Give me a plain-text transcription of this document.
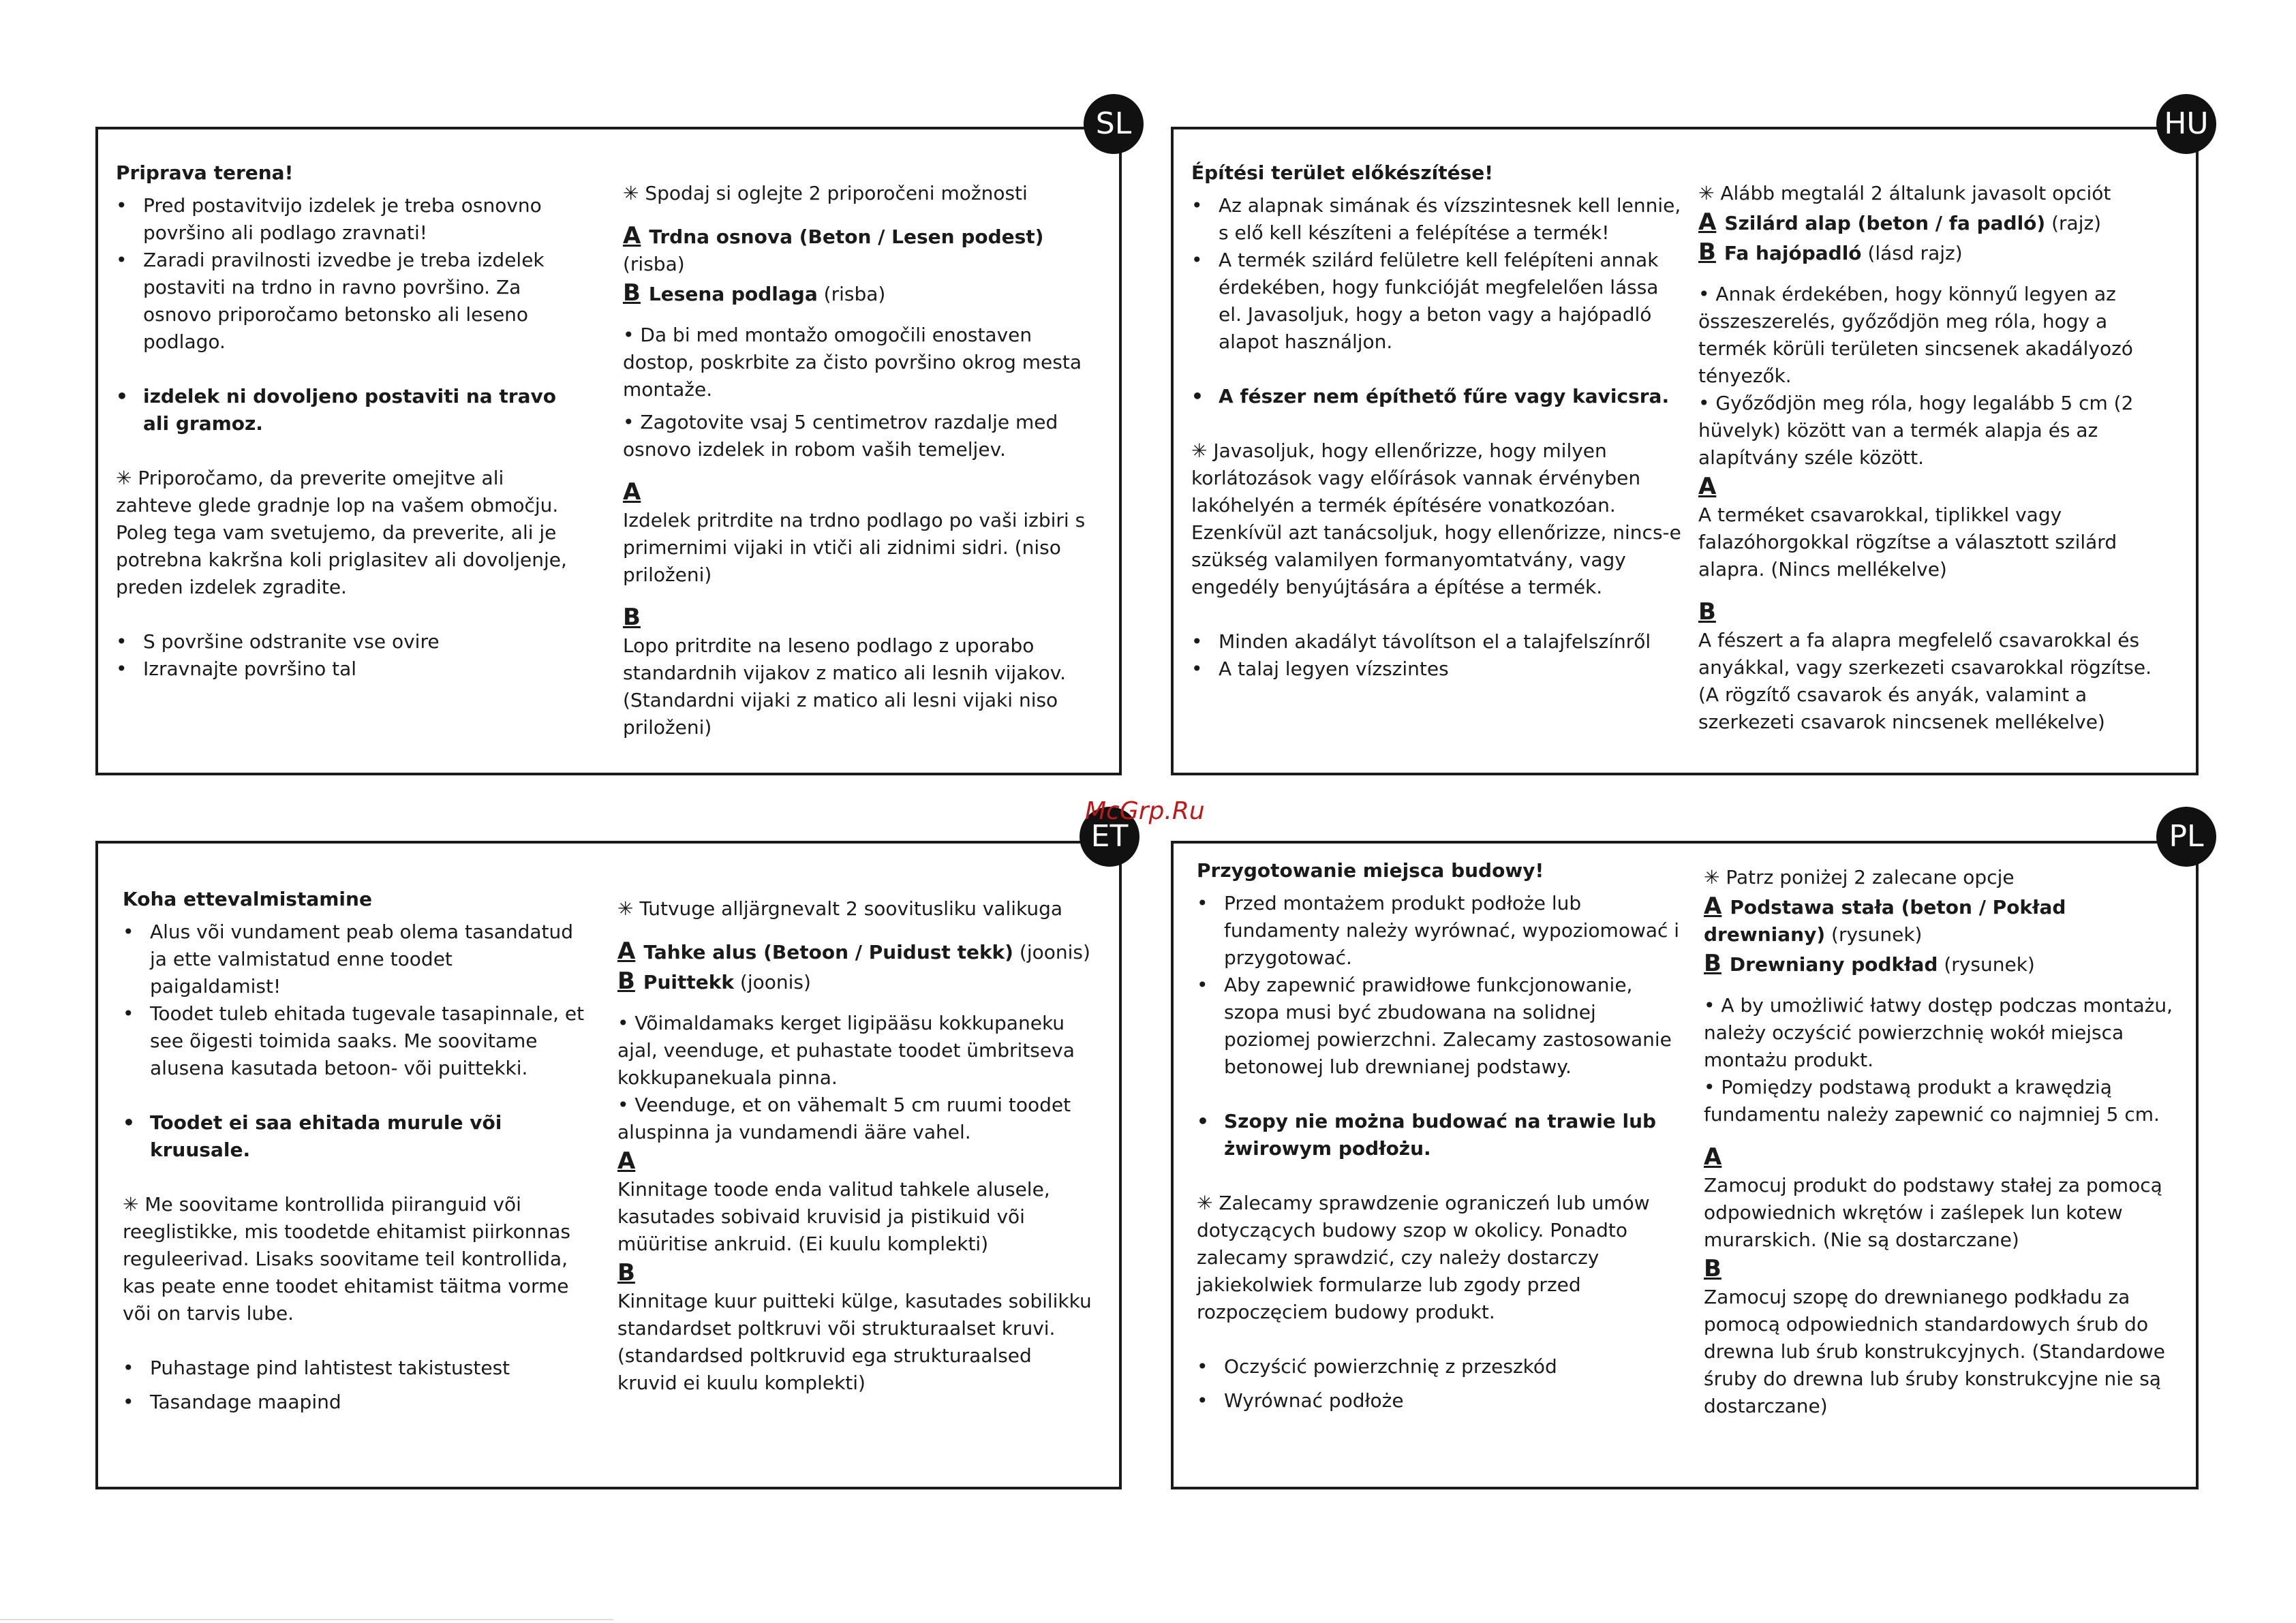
Priprava terena!

• Pred postavitvijo izdelek je treba osnovno površino ali podlago zravnati!

• Zaradi pravilnosti izvedbe je treba izdelek postaviti na trdno in ravno površino. Za osnovo priporočamo betonsko ali leseno podlago.

• izdelek ni dovoljeno postaviti na travo ali gramoz.

✳ Priporočamo, da preverite omejitve ali zahteve glede gradnje lop na vašem območju. Poleg tega vam svetujemo, da preverite, ali je potrebna kakršna koli priglasitev ali dovoljenje, preden izdelek zgradite.

• S površine odstranite vse ovire

• Izravnajte površino tal

✳ Spodaj si oglejte 2 priporočeni možnosti

A Trdna osnova (Beton / Lesen podest) (risba)

B Lesena podlaga (risba)

• Da bi med montažo omogočili enostaven dostop, poskrbite za čisto površino okrog mesta montaže.

• Zagotovite vsaj 5 centimetrov razdalje med osnovo izdelek in robom vaših temeljev.

A

Izdelek pritrdite na trdno podlago po vaši izbiri s primernimi vijaki in vtiči ali zidnimi sidri. (niso priloženi)

B

Lopo pritrdite na leseno podlago z uporabo standardnih vijakov z matico ali lesnih vijakov. (Standardni vijaki z matico ali lesni vijaki niso priloženi)

SL

Építési terület előkészítése!

• Az alapnak simának és vízszintesnek kell lennie, s elő kell készíteni a felépítése a termék!

• A termék szilárd felületre kell felépíteni annak érdekében, hogy funkcióját megfelelően lássa el. Javasoljuk, hogy a beton vagy a hajópadló alapot használjon.

• A fészer nem építhető fűre vagy kavicsra.

✳ Javasoljuk, hogy ellenőrizze, hogy milyen korlátozások vagy előírások vannak érvényben lakóhelyén a termék építésére vonatkozóan. Ezenkívül azt tanácsoljuk, hogy ellenőrizze, nincs-e szükség valamilyen formanyomtatvány, vagy engedély benyújtására a építése a termék.

• Minden akadályt távolítson el a talajfelszínről

• A talaj legyen vízszintes

✳ Alább megtalál 2 általunk javasolt opciót

A Szilárd alap (beton / fa padló) (rajz)

B Fa hajópadló (lásd rajz)

• Annak érdekében, hogy könnyű legyen az összeszerelés, győződjön meg róla, hogy a termék körüli területen sincsenek akadályozó tényezők.

• Győződjön meg róla, hogy legalább 5 cm (2 hüvelyk) között van a termék alapja és az alapítvány széle között.

A

A terméket csavarokkal, tiplikkel vagy falazóhorgokkal rögzítse a választott szilárd alapra. (Nincs mellékelve)

B

A fészert a fa alapra megfelelő csavarokkal és anyákkal, vagy szerkezeti csavarokkal rögzítse. (A rögzítő csavarok és anyák, valamint a szerkezeti csavarok nincsenek mellékelve)

HU

Koha ettevalmistamine

• Alus või vundament peab olema tasandatud ja ette valmistatud enne toodet paigaldamist!

• Toodet tuleb ehitada tugevale tasapinnale, et see õigesti toimida saaks. Me soovitame alusena kasutada betoon- või puittekki.

• Toodet ei saa ehitada murule või kruusale.

✳ Me soovitame kontrollida piiranguid või reeglistikke, mis toodetde ehitamist piirkonnas reguleerivad. Lisaks soovitame teil kontrollida, kas peate enne toodet ehitamist täitma vorme või on tarvis lube.

• Puhastage pind lahtistest takistustest

• Tasandage maapind

✳ Tutvuge alljärgnevalt 2 soovitusliku valikuga

A Tahke alus (Betoon / Puidust tekk) (joonis)

B Puittekk (joonis)

• Võimaldamaks kerget ligipääsu kokkupaneku ajal, veenduge, et puhastate toodet ümbritseva kokkupanekuala pinna.

• Veenduge, et on vähemalt 5 cm ruumi toodet aluspinna ja vundamendi ääre vahel.

A

Kinnitage toode enda valitud tahkele alusele, kasutades sobivaid kruvisid ja pistikuid või müüritise ankruid. (Ei kuulu komplekti)

B

Kinnitage kuur puitteki külge, kasutades sobilikku standardset poltkruvi või strukturaalset kruvi. (standardsed poltkruvid ega strukturaalsed kruvid ei kuulu komplekti)

ET

Przygotowanie miejsca budowy!

• Przed montażem produkt podłoże lub fundamenty należy wyrównać, wypoziomować i przygotować.

• Aby zapewnić prawidłowe funkcjonowanie, szopa musi być zbudowana na solidnej poziomej powierzchni. Zalecamy zastosowanie betonowej lub drewnianej podstawy.

• Szopy nie można budować na trawie lub żwirowym podłożu.

✳ Zalecamy sprawdzenie ograniczeń lub umów dotyczących budowy szop w okolicy. Ponadto zalecamy sprawdzić, czy należy dostarczy jakiekolwiek formularze lub zgody przed rozpoczęciem budowy produkt.

• Oczyścić powierzchnię z przeszkód

• Wyrównać podłoże

✳ Patrz poniżej 2 zalecane opcje

A Podstawa stała (beton / Pokład drewniany) (rysunek)

B Drewniany podkład (rysunek)

• A by umożliwić łatwy dostęp podczas montażu, należy oczyścić powierzchnię wokół miejsca montażu produkt.

• Pomiędzy podstawą produkt a krawędzią fundamentu należy zapewnić co najmniej 5 cm.

A

Zamocuj produkt do podstawy stałej za pomocą odpowiednich wkrętów i zaślepek lun kotew murarskich. (Nie są dostarczane)

B

Zamocuj szopę do drewnianego podkładu za pomocą odpowiednich standardowych śrub do drewna lub śrub konstrukcyjnych. (Standardowe śruby do drewna lub śruby konstrukcyjne nie są dostarczane)

PL
McGrp.Ru
